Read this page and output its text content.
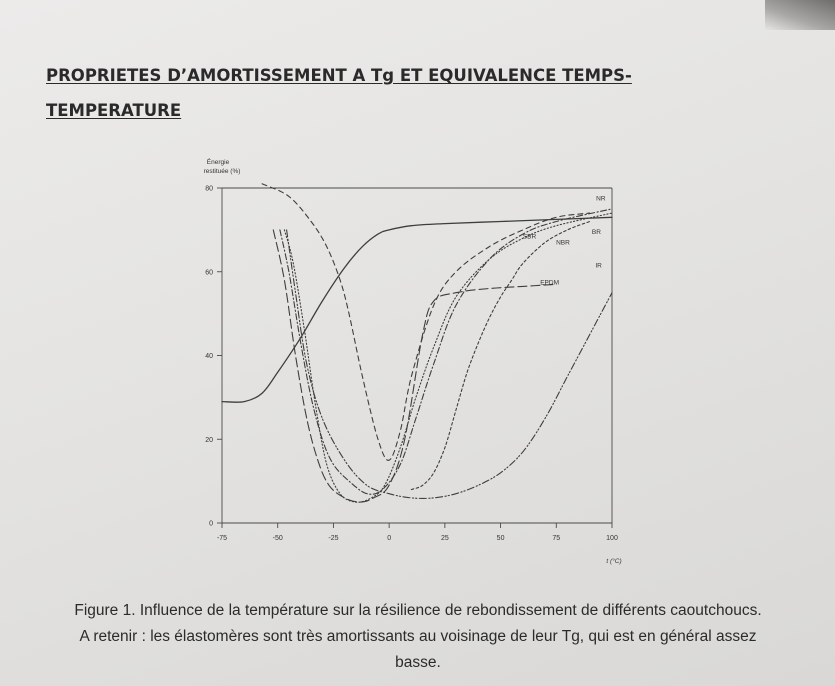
PROPRIETES D’AMORTISSEMENT A Tg ET EQUIVALENCE TEMPS-
TEMPERATURE
-75	-50	-25	0	25	50	75	100
0
20
40
60
80
Énergie
restituée (%)
t (°C)
NR
SBR
BR
NBR
EPDM
IR
Figure 1. Influence de la température sur la résilience de rebondissement de différents caoutchoucs.
A retenir : les élastomères sont très amortissants au voisinage de leur Tg, qui est en général assez
basse.
